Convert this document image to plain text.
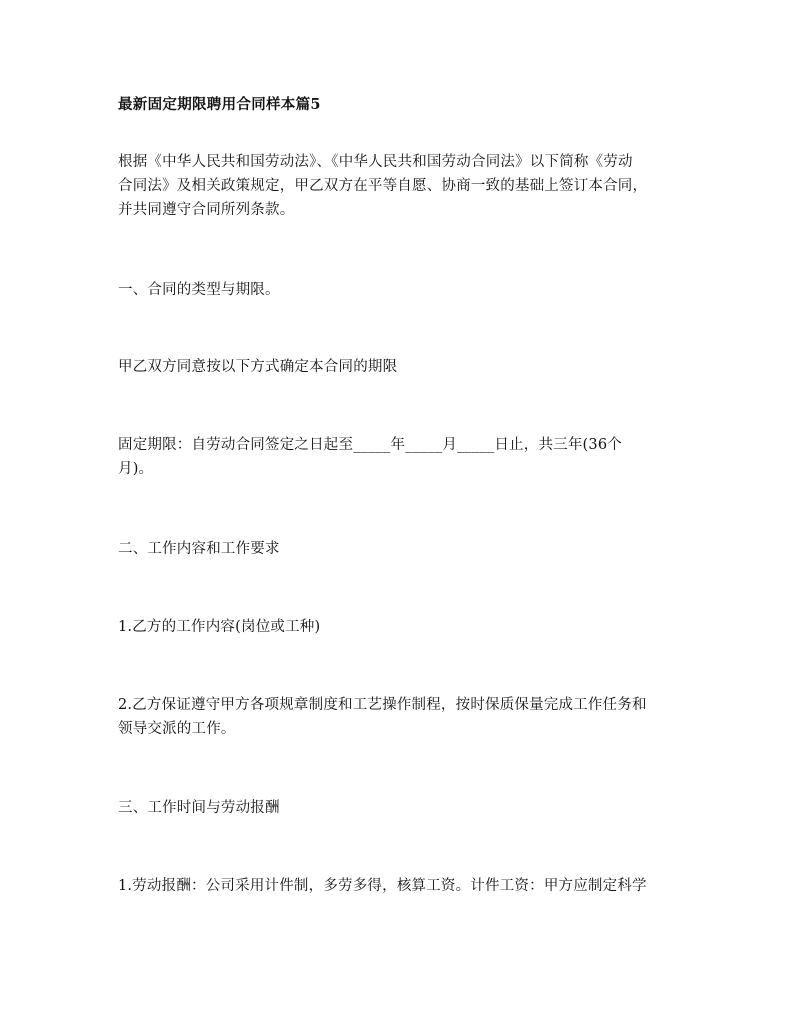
最新固定期限聘用合同样本篇5

根据《中华人民共和国劳动法》、《中华人民共和国劳动合同法》以下简称《劳动
合同法》及相关政策规定，甲乙双方在平等自愿、协商一致的基础上签订本合同，
并共同遵守合同所列条款。

一、合同的类型与期限。

甲乙双方同意按以下方式确定本合同的期限

固定期限：自劳动合同签定之日起至_____年_____月_____日止，共三年(36个
月)。

二、工作内容和工作要求

1.乙方的工作内容(岗位或工种)

2.乙方保证遵守甲方各项规章制度和工艺操作制程，按时保质保量完成工作任务和
领导交派的工作。

三、工作时间与劳动报酬

1.劳动报酬：公司采用计件制，多劳多得，核算工资。计件工资：甲方应制定科学
